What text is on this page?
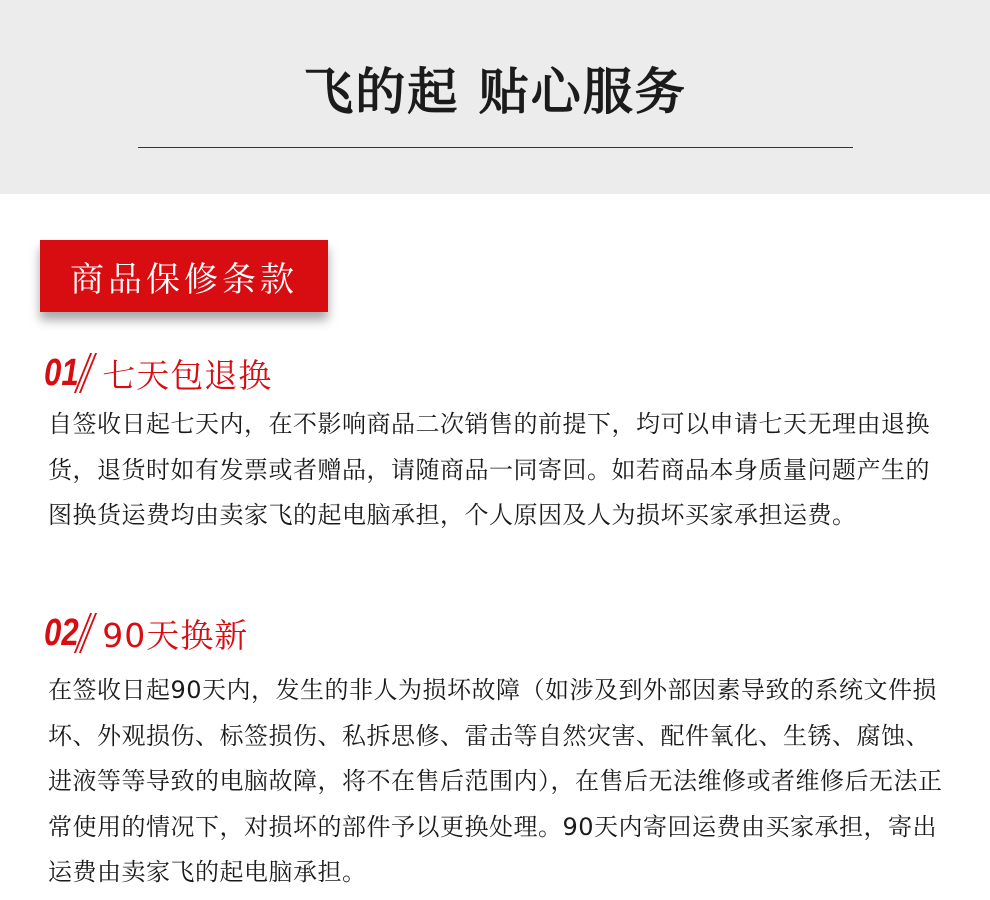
飞的起 贴心服务
商品保修条款
01 七天包退换
自签收日起七天内，在不影响商品二次销售的前提下，均可以申请七天无理由退换货，退货时如有发票或者赠品，请随商品一同寄回。如若商品本身质量问题产生的图换货运费均由卖家飞的起电脑承担，个人原因及人为损坏买家承担运费。
02 90天换新
在签收日起90天内，发生的非人为损坏故障（如涉及到外部因素导致的系统文件损坏、外观损伤、标签损伤、私拆思修、雷击等自然灾害、配件氧化、生锈、腐蚀、进液等等导致的电脑故障，将不在售后范围内），在售后无法维修或者维修后无法正常使用的情况下，对损坏的部件予以更换处理。90天内寄回运费由买家承担，寄出运费由卖家飞的起电脑承担。
